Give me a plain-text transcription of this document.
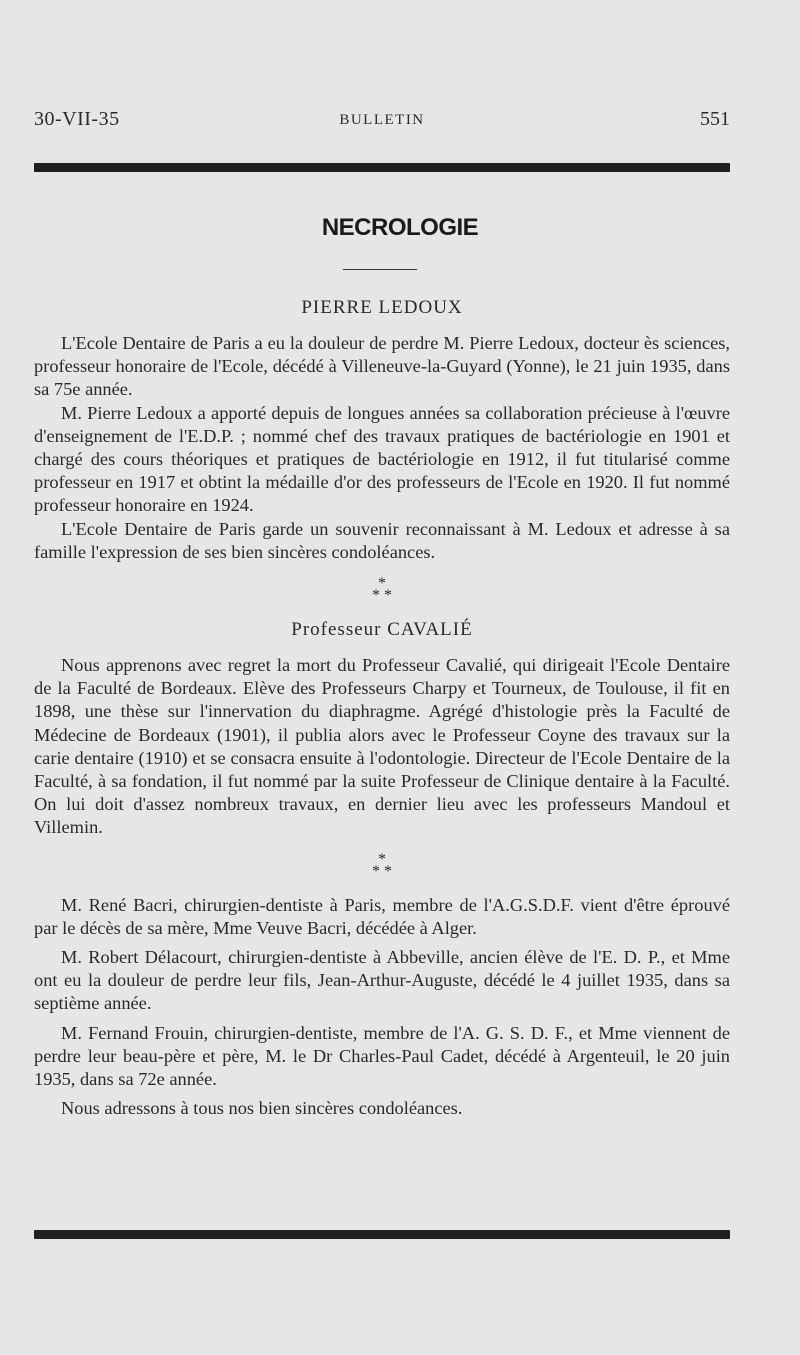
30-VII-35	BULLETIN	551
NECROLOGIE
PIERRE LEDOUX

L'Ecole Dentaire de Paris a eu la douleur de perdre M. Pierre Ledoux, docteur ès sciences, professeur honoraire de l'Ecole, décédé à Villeneuve-la-Guyard (Yonne), le 21 juin 1935, dans sa 75e année.

M. Pierre Ledoux a apporté depuis de longues années sa collaboration précieuse à l'œuvre d'enseignement de l'E.D.P. ; nommé chef des travaux pratiques de bactériologie en 1901 et chargé des cours théoriques et pratiques de bactériologie en 1912, il fut titularisé comme professeur en 1917 et obtint la médaille d'or des professeurs de l'Ecole en 1920. Il fut nommé professeur honoraire en 1924.

L'Ecole Dentaire de Paris garde un souvenir reconnaissant à M. Ledoux et adresse à sa famille l'expression de ses bien sincères condoléances.

*
* *
Professeur CAVALIÉ

Nous apprenons avec regret la mort du Professeur Cavalié, qui dirigeait l'Ecole Dentaire de la Faculté de Bordeaux. Elève des Professeurs Charpy et Tourneux, de Toulouse, il fit en 1898, une thèse sur l'innervation du diaphragme. Agrégé d'histologie près la Faculté de Médecine de Bordeaux (1901), il publia alors avec le Professeur Coyne des travaux sur la carie dentaire (1910) et se consacra ensuite à l'odontologie. Directeur de l'Ecole Dentaire de la Faculté, à sa fondation, il fut nommé par la suite Professeur de Clinique dentaire à la Faculté. On lui doit d'assez nombreux travaux, en dernier lieu avec les professeurs Mandoul et Villemin.

*
* *

M. René Bacri, chirurgien-dentiste à Paris, membre de l'A.G.S.D.F. vient d'être éprouvé par le décès de sa mère, Mme Veuve Bacri, décédée à Alger.

M. Robert Délacourt, chirurgien-dentiste à Abbeville, ancien élève de l'E. D. P., et Mme ont eu la douleur de perdre leur fils, Jean-Arthur-Auguste, décédé le 4 juillet 1935, dans sa septième année.

M. Fernand Frouin, chirurgien-dentiste, membre de l'A. G. S. D. F., et Mme viennent de perdre leur beau-père et père, M. le Dr Charles-Paul Cadet, décédé à Argenteuil, le 20 juin 1935, dans sa 72e année.

Nous adressons à tous nos bien sincères condoléances.
